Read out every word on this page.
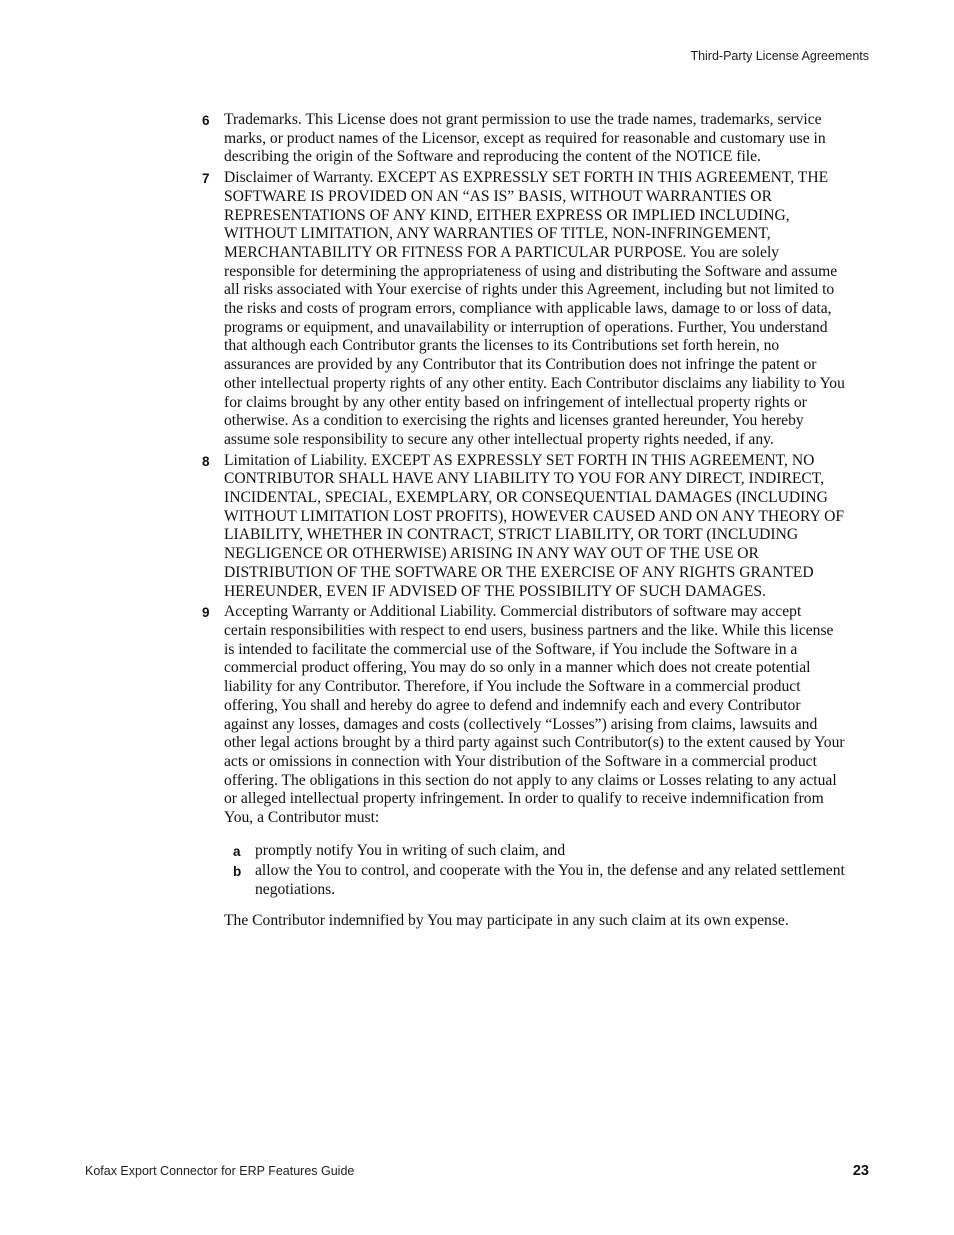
Third-Party License Agreements
6 Trademarks. This License does not grant permission to use the trade names, trademarks, service marks, or product names of the Licensor, except as required for reasonable and customary use in describing the origin of the Software and reproducing the content of the NOTICE file.
7 Disclaimer of Warranty. EXCEPT AS EXPRESSLY SET FORTH IN THIS AGREEMENT, THE SOFTWARE IS PROVIDED ON AN “AS IS” BASIS, WITHOUT WARRANTIES OR REPRESENTATIONS OF ANY KIND, EITHER EXPRESS OR IMPLIED INCLUDING, WITHOUT LIMITATION, ANY WARRANTIES OF TITLE, NON-INFRINGEMENT, MERCHANTABILITY OR FITNESS FOR A PARTICULAR PURPOSE. You are solely responsible for determining the appropriateness of using and distributing the Software and assume all risks associated with Your exercise of rights under this Agreement, including but not limited to the risks and costs of program errors, compliance with applicable laws, damage to or loss of data, programs or equipment, and unavailability or interruption of operations. Further, You understand that although each Contributor grants the licenses to its Contributions set forth herein, no assurances are provided by any Contributor that its Contribution does not infringe the patent or other intellectual property rights of any other entity. Each Contributor disclaims any liability to You for claims brought by any other entity based on infringement of intellectual property rights or otherwise. As a condition to exercising the rights and licenses granted hereunder, You hereby assume sole responsibility to secure any other intellectual property rights needed, if any.
8 Limitation of Liability. EXCEPT AS EXPRESSLY SET FORTH IN THIS AGREEMENT, NO CONTRIBUTOR SHALL HAVE ANY LIABILITY TO YOU FOR ANY DIRECT, INDIRECT, INCIDENTAL, SPECIAL, EXEMPLARY, OR CONSEQUENTIAL DAMAGES (INCLUDING WITHOUT LIMITATION LOST PROFITS), HOWEVER CAUSED AND ON ANY THEORY OF LIABILITY, WHETHER IN CONTRACT, STRICT LIABILITY, OR TORT (INCLUDING NEGLIGENCE OR OTHERWISE) ARISING IN ANY WAY OUT OF THE USE OR DISTRIBUTION OF THE SOFTWARE OR THE EXERCISE OF ANY RIGHTS GRANTED HEREUNDER, EVEN IF ADVISED OF THE POSSIBILITY OF SUCH DAMAGES.
9 Accepting Warranty or Additional Liability. Commercial distributors of software may accept certain responsibilities with respect to end users, business partners and the like. While this license is intended to facilitate the commercial use of the Software, if You include the Software in a commercial product offering, You may do so only in a manner which does not create potential liability for any Contributor. Therefore, if You include the Software in a commercial product offering, You shall and hereby do agree to defend and indemnify each and every Contributor against any losses, damages and costs (collectively “Losses”) arising from claims, lawsuits and other legal actions brought by a third party against such Contributor(s) to the extent caused by Your acts or omissions in connection with Your distribution of the Software in a commercial product offering. The obligations in this section do not apply to any claims or Losses relating to any actual or alleged intellectual property infringement. In order to qualify to receive indemnification from You, a Contributor must:
a promptly notify You in writing of such claim, and
b allow the You to control, and cooperate with the You in, the defense and any related settlement negotiations.
The Contributor indemnified by You may participate in any such claim at its own expense.
Kofax Export Connector for ERP Features Guide	23
